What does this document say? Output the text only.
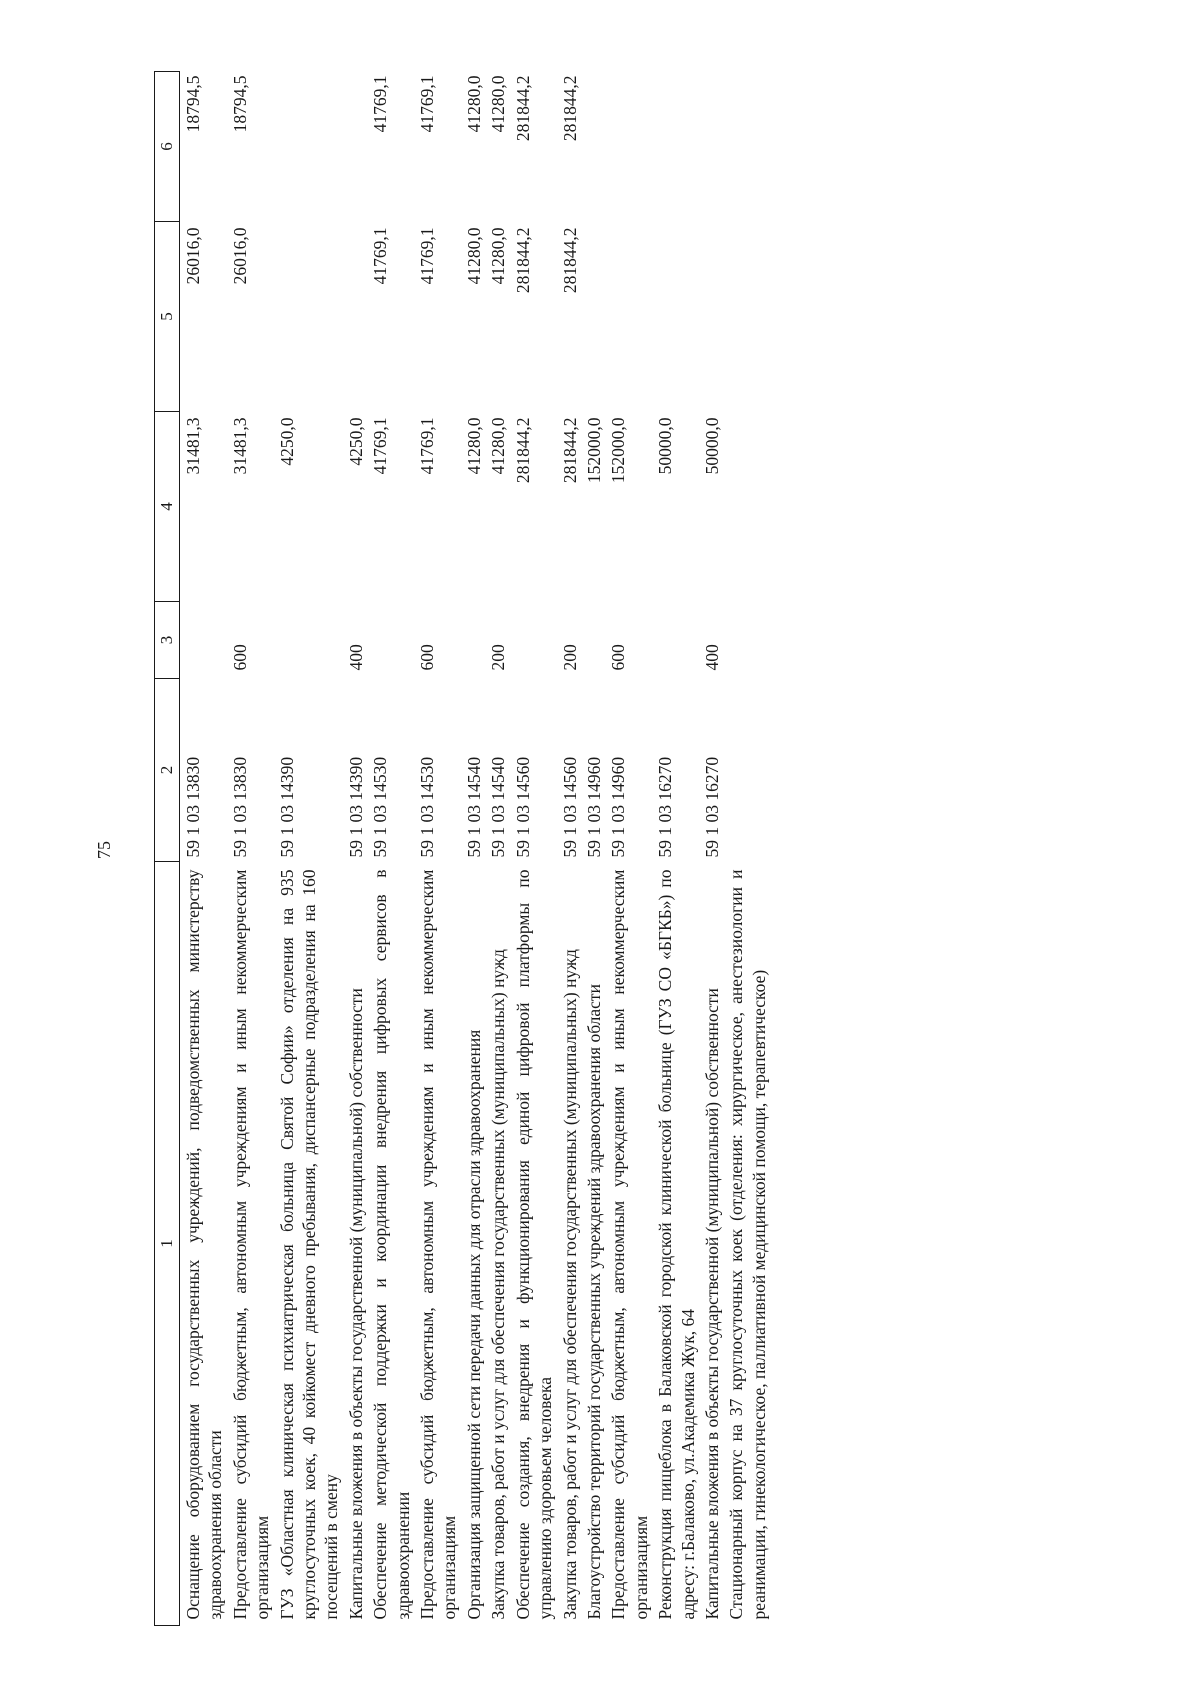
75
1	2	3	4	5	6
Оснащение оборудованием государственных учреждений, подведомственных министерству здравоохранения области	59 1 03 13830		31481,3	26016,0	18794,5
Предоставление субсидий бюджетным, автономным учреждениям и иным некоммерческим организациям	59 1 03 13830	600	31481,3	26016,0	18794,5
ГУЗ «Областная клиническая психиатрическая больница Святой Софии» отделения на 935 круглосуточных коек, 40 койкомест дневного пребывания, диспансерные подразделения на 160 посещений в смену	59 1 03 14390		4250,0		
Капитальные вложения в объекты государственной (муниципальной) собственности	59 1 03 14390	400	4250,0		
Обеспечение методической поддержки и координации внедрения цифровых сервисов в здравоохранении	59 1 03 14530		41769,1	41769,1	41769,1
Предоставление субсидий бюджетным, автономным учреждениям и иным некоммерческим организациям	59 1 03 14530	600	41769,1	41769,1	41769,1
Организация защищенной сети передачи данных для отрасли здравоохранения	59 1 03 14540		41280,0	41280,0	41280,0
Закупка товаров, работ и услуг для обеспечения государственных (муниципальных) нужд	59 1 03 14540	200	41280,0	41280,0	41280,0
Обеспечение создания, внедрения и функционирования единой цифровой платформы по управлению здоровьем человека	59 1 03 14560		281844,2	281844,2	281844,2
Закупка товаров, работ и услуг для обеспечения государственных (муниципальных) нужд	59 1 03 14560	200	281844,2	281844,2	281844,2
Благоустройство территорий государственных учреждений здравоохранения области	59 1 03 14960		152000,0		
Предоставление субсидий бюджетным, автономным учреждениям и иным некоммерческим организациям	59 1 03 14960	600	152000,0		
Реконструкция пищеблока в Балаковской городской клинической больнице (ГУЗ СО «БГКБ») по адресу: г.Балаково, ул.Академика Жук, 64	59 1 03 16270		50000,0		
Капитальные вложения в объекты государственной (муниципальной) собственности	59 1 03 16270	400	50000,0		
Стационарный корпус на 37 круглосуточных коек (отделения: хирургическое, анестезиологии и реанимации, гинекологическое, паллиативной медицинской помощи, терапевтическое)					
